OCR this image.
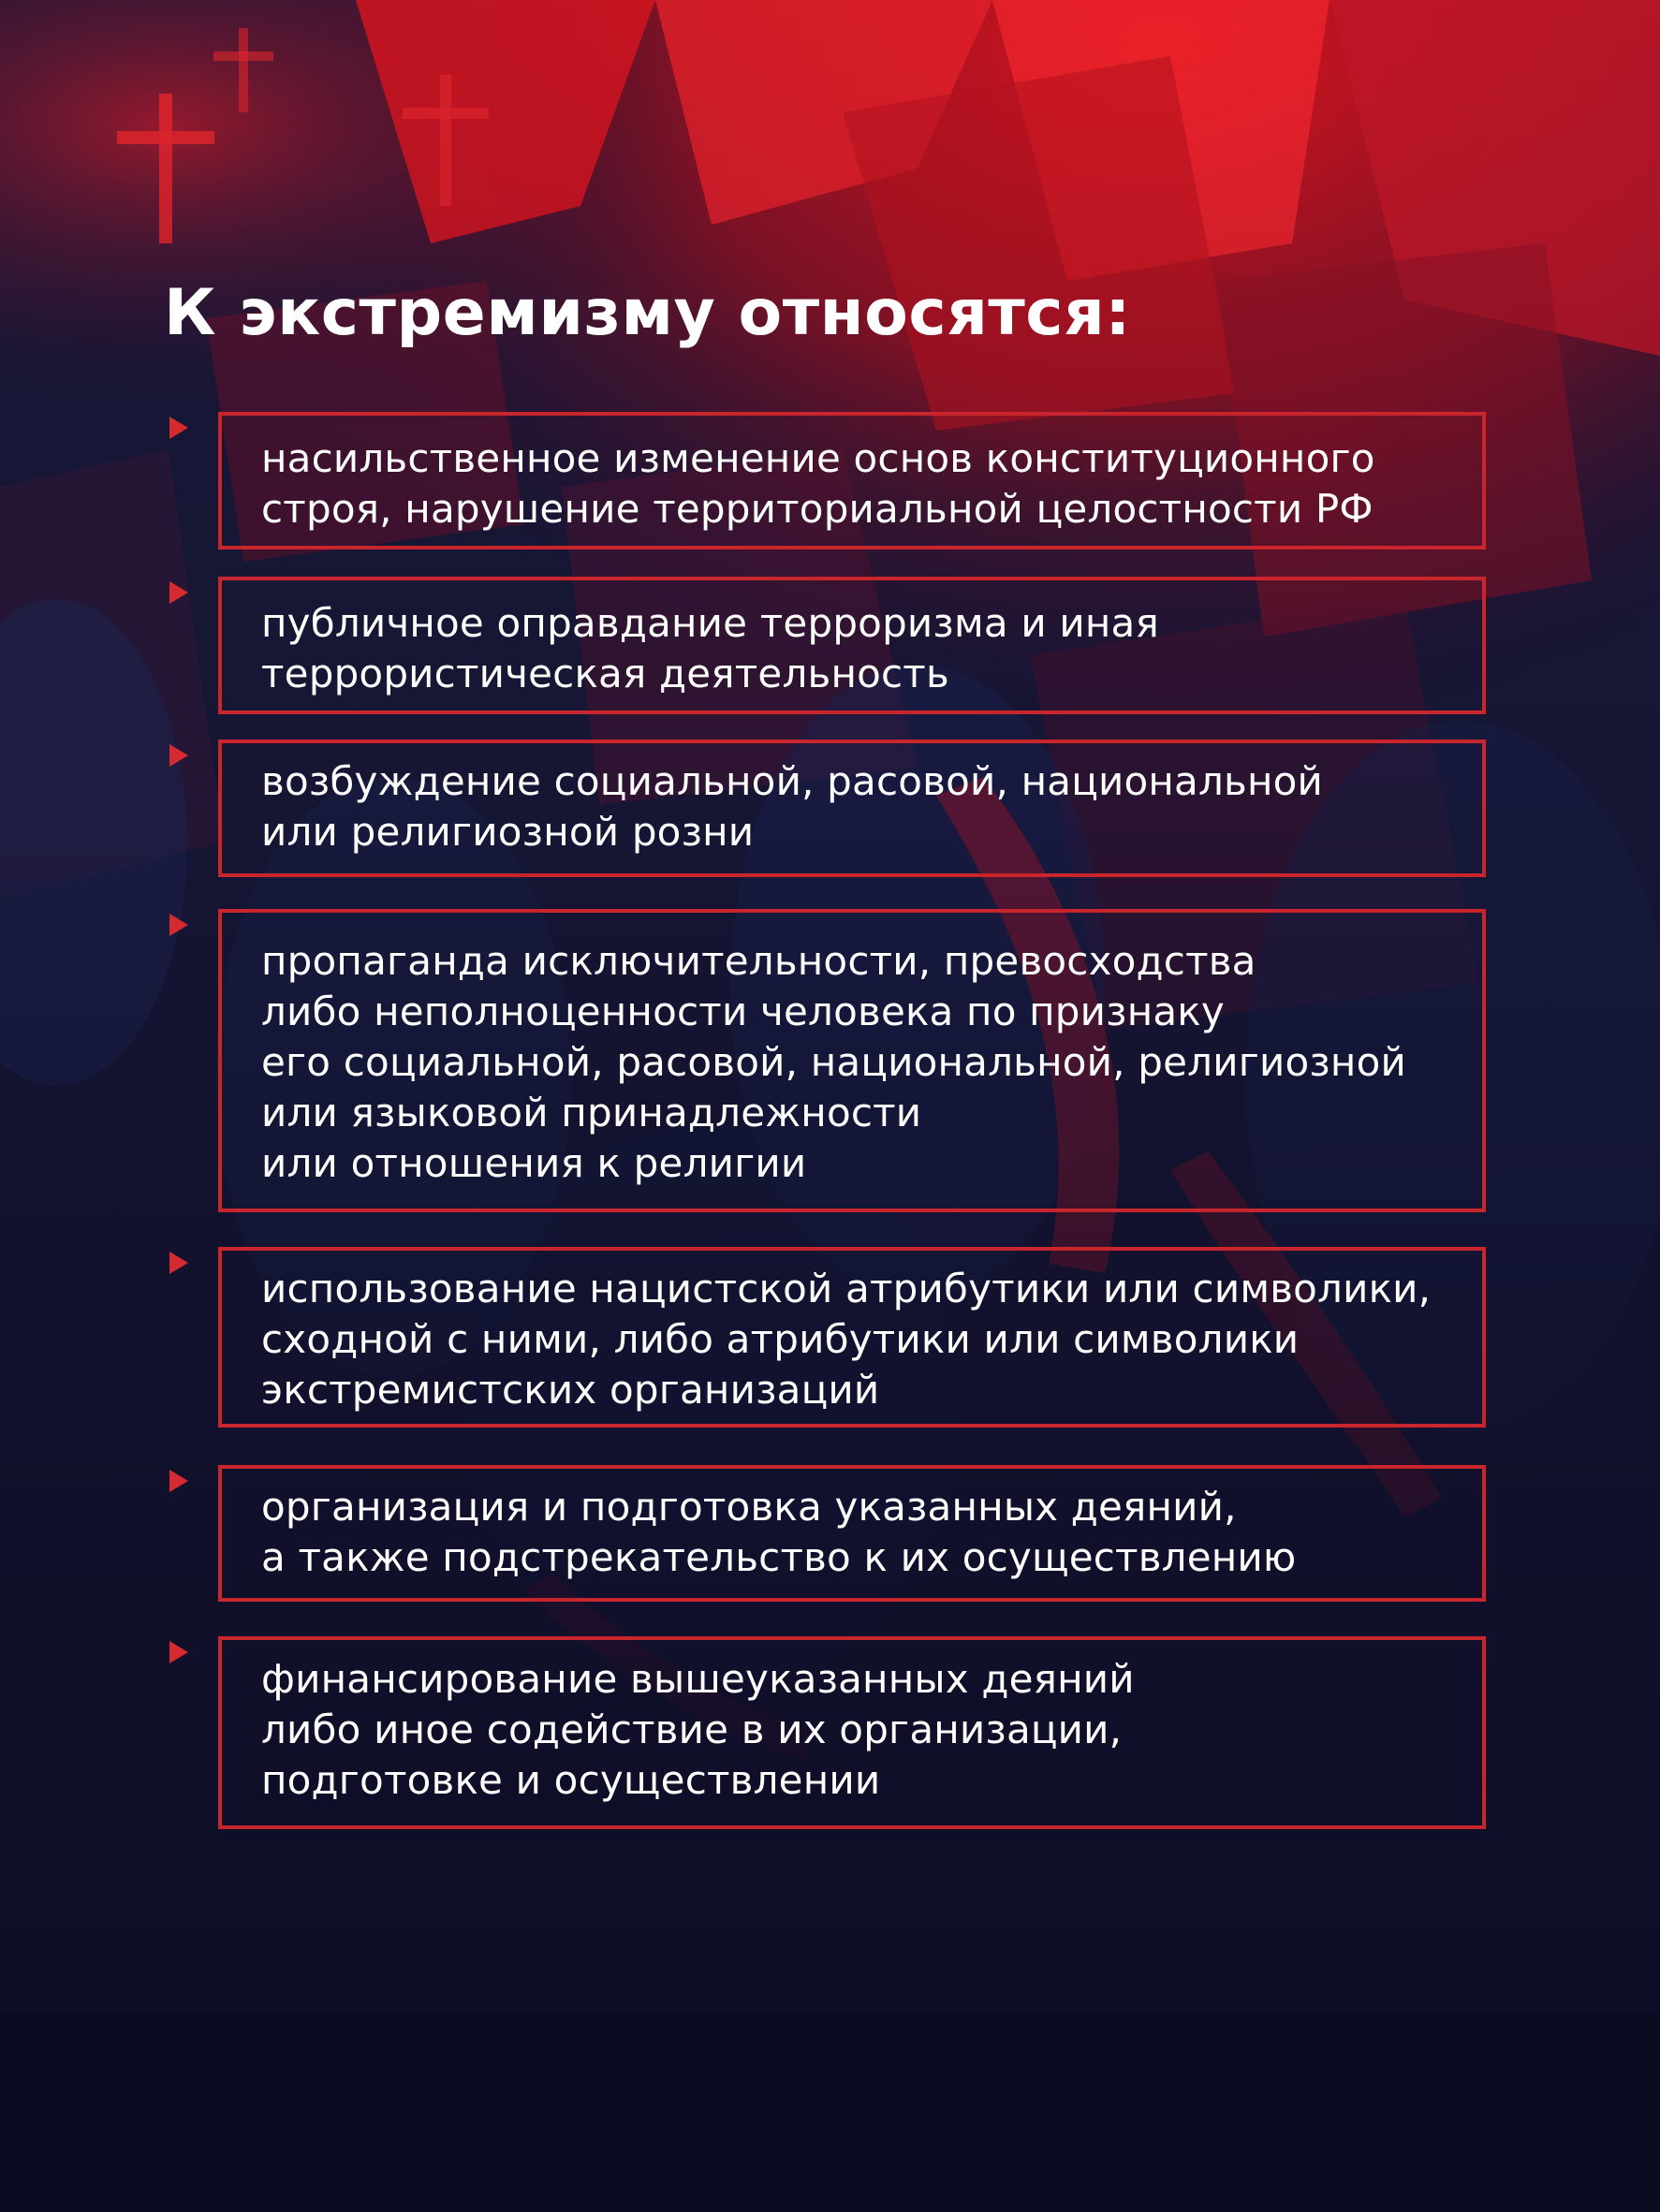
К экстремизму относятся:

насильственное изменение основ конституционного
строя, нарушение территориальной целостности РФ

публичное оправдание терроризма и иная
террористическая деятельность

возбуждение социальной, расовой, национальной
или религиозной розни

пропаганда исключительности, превосходства
либо неполноценности человека по признаку
его социальной, расовой, национальной, религиозной
или языковой принадлежности
или отношения к религии

использование нацистской атрибутики или символики,
сходной с ними, либо атрибутики или символики
экстремистских организаций

организация и подготовка указанных деяний,
а также подстрекательство к их осуществлению

финансирование вышеуказанных деяний
либо иное содействие в их организации,
подготовке и осуществлении
